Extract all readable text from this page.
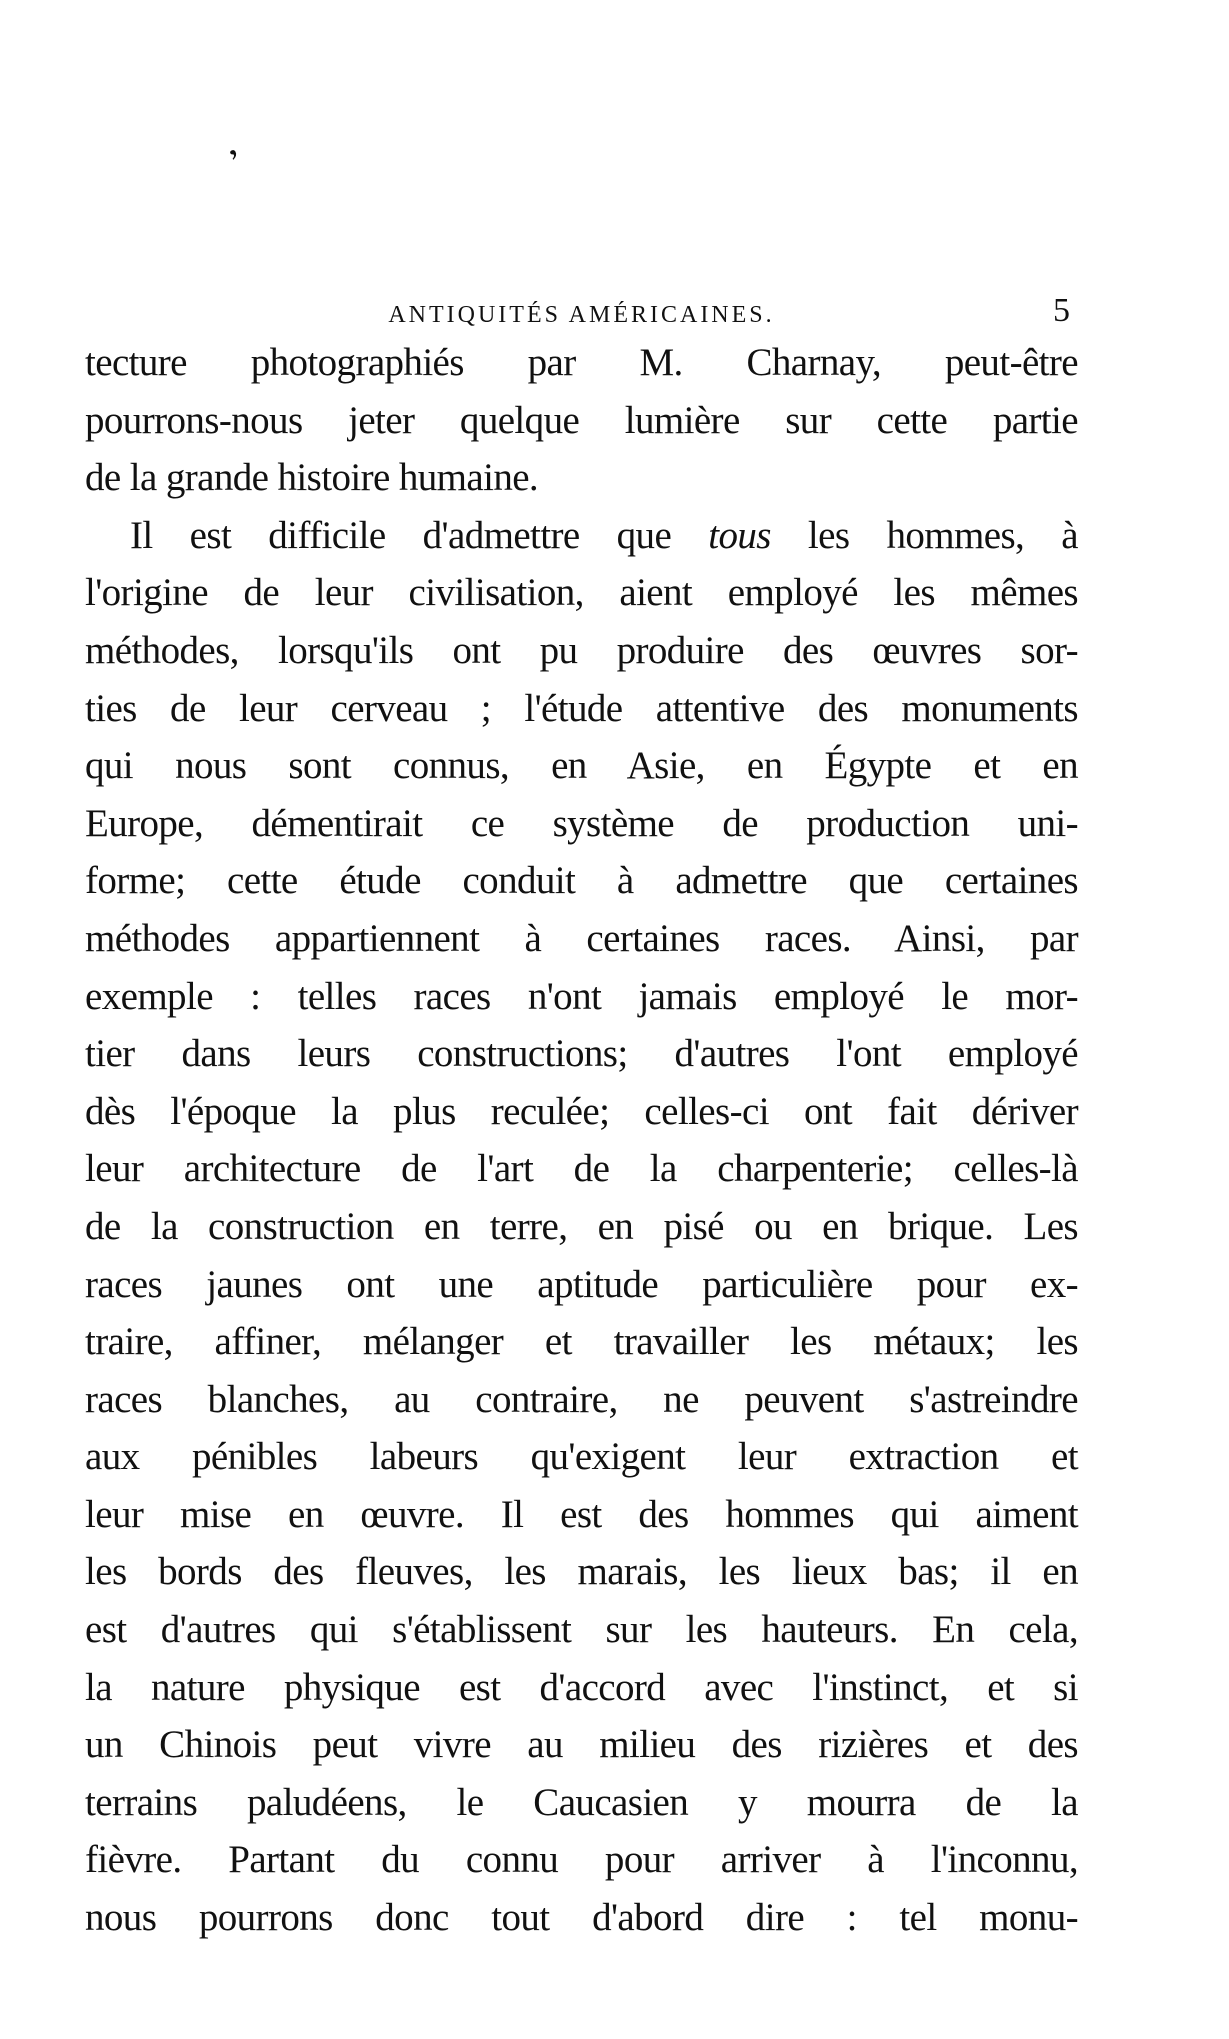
ʼ
ANTIQUITÉS AMÉRICAINES.	5
tecture photographiés par M. Charnay, peut-être
pourrons-nous jeter quelque lumière sur cette partie
de la grande histoire humaine.
Il est difficile d'admettre que tous les hommes, à
l'origine de leur civilisation, aient employé les mêmes
méthodes, lorsqu'ils ont pu produire des œuvres sor-
ties de leur cerveau ; l'étude attentive des monuments
qui nous sont connus, en Asie, en Égypte et en
Europe, démentirait ce système de production uni-
forme; cette étude conduit à admettre que certaines
méthodes appartiennent à certaines races. Ainsi, par
exemple : telles races n'ont jamais employé le mor-
tier dans leurs constructions; d'autres l'ont employé
dès l'époque la plus reculée; celles-ci ont fait dériver
leur architecture de l'art de la charpenterie; celles-là
de la construction en terre, en pisé ou en brique. Les
races jaunes ont une aptitude particulière pour ex-
traire, affiner, mélanger et travailler les métaux; les
races blanches, au contraire, ne peuvent s'astreindre
aux pénibles labeurs qu'exigent leur extraction et
leur mise en œuvre. Il est des hommes qui aiment
les bords des fleuves, les marais, les lieux bas; il en
est d'autres qui s'établissent sur les hauteurs. En cela,
la nature physique est d'accord avec l'instinct, et si
un Chinois peut vivre au milieu des rizières et des
terrains paludéens, le Caucasien y mourra de la
fièvre. Partant du connu pour arriver à l'inconnu,
nous pourrons donc tout d'abord dire : tel monu-
